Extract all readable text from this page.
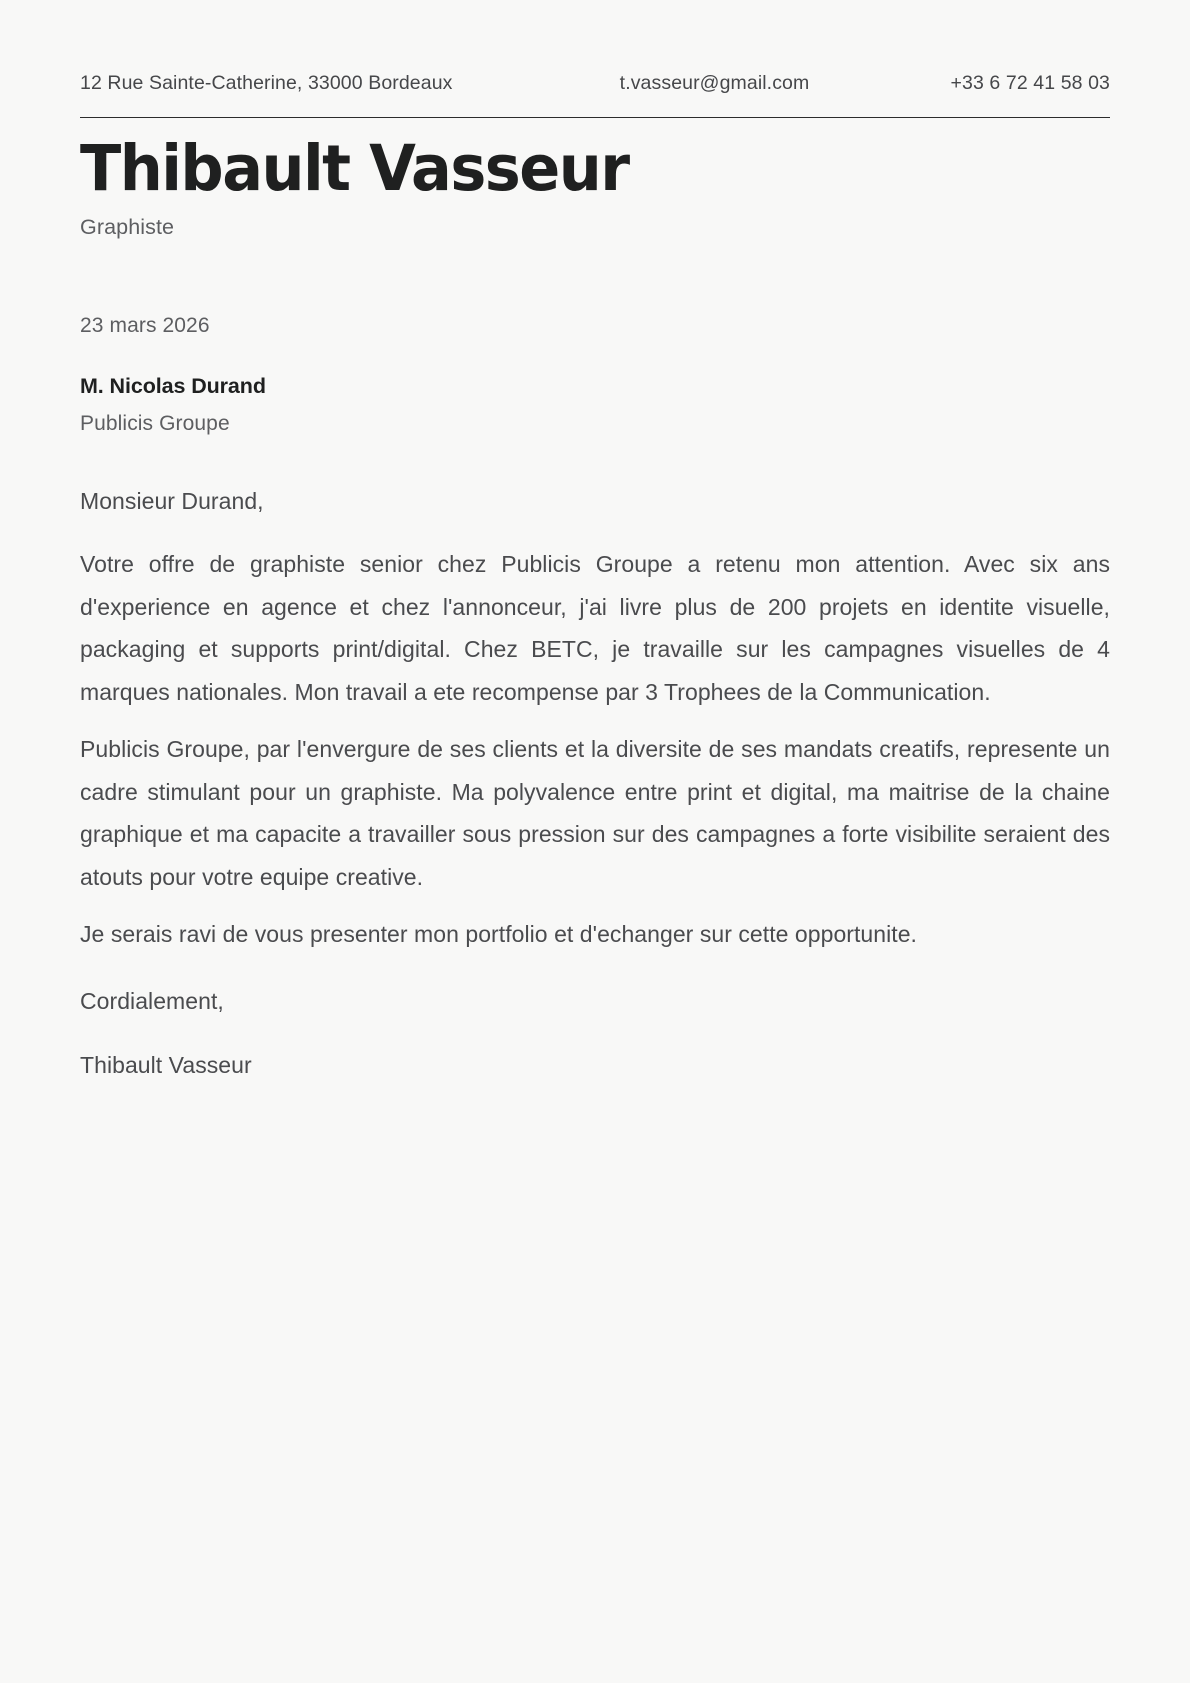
12 Rue Sainte-Catherine, 33000 Bordeaux	t.vasseur@gmail.com	+33 6 72 41 58 03
Thibault Vasseur
Graphiste
23 mars 2026
M. Nicolas Durand
Publicis Groupe
Monsieur Durand,

Votre offre de graphiste senior chez Publicis Groupe a retenu mon attention. Avec six ans d'experience en agence et chez l'annonceur, j'ai livre plus de 200 projets en identite visuelle, packaging et supports print/digital. Chez BETC, je travaille sur les campagnes visuelles de 4 marques nationales. Mon travail a ete recompense par 3 Trophees de la Communication.

Publicis Groupe, par l'envergure de ses clients et la diversite de ses mandats creatifs, represente un cadre stimulant pour un graphiste. Ma polyvalence entre print et digital, ma maitrise de la chaine graphique et ma capacite a travailler sous pression sur des campagnes a forte visibilite seraient des atouts pour votre equipe creative.

Je serais ravi de vous presenter mon portfolio et d'echanger sur cette opportunite.

Cordialement,
Thibault Vasseur
